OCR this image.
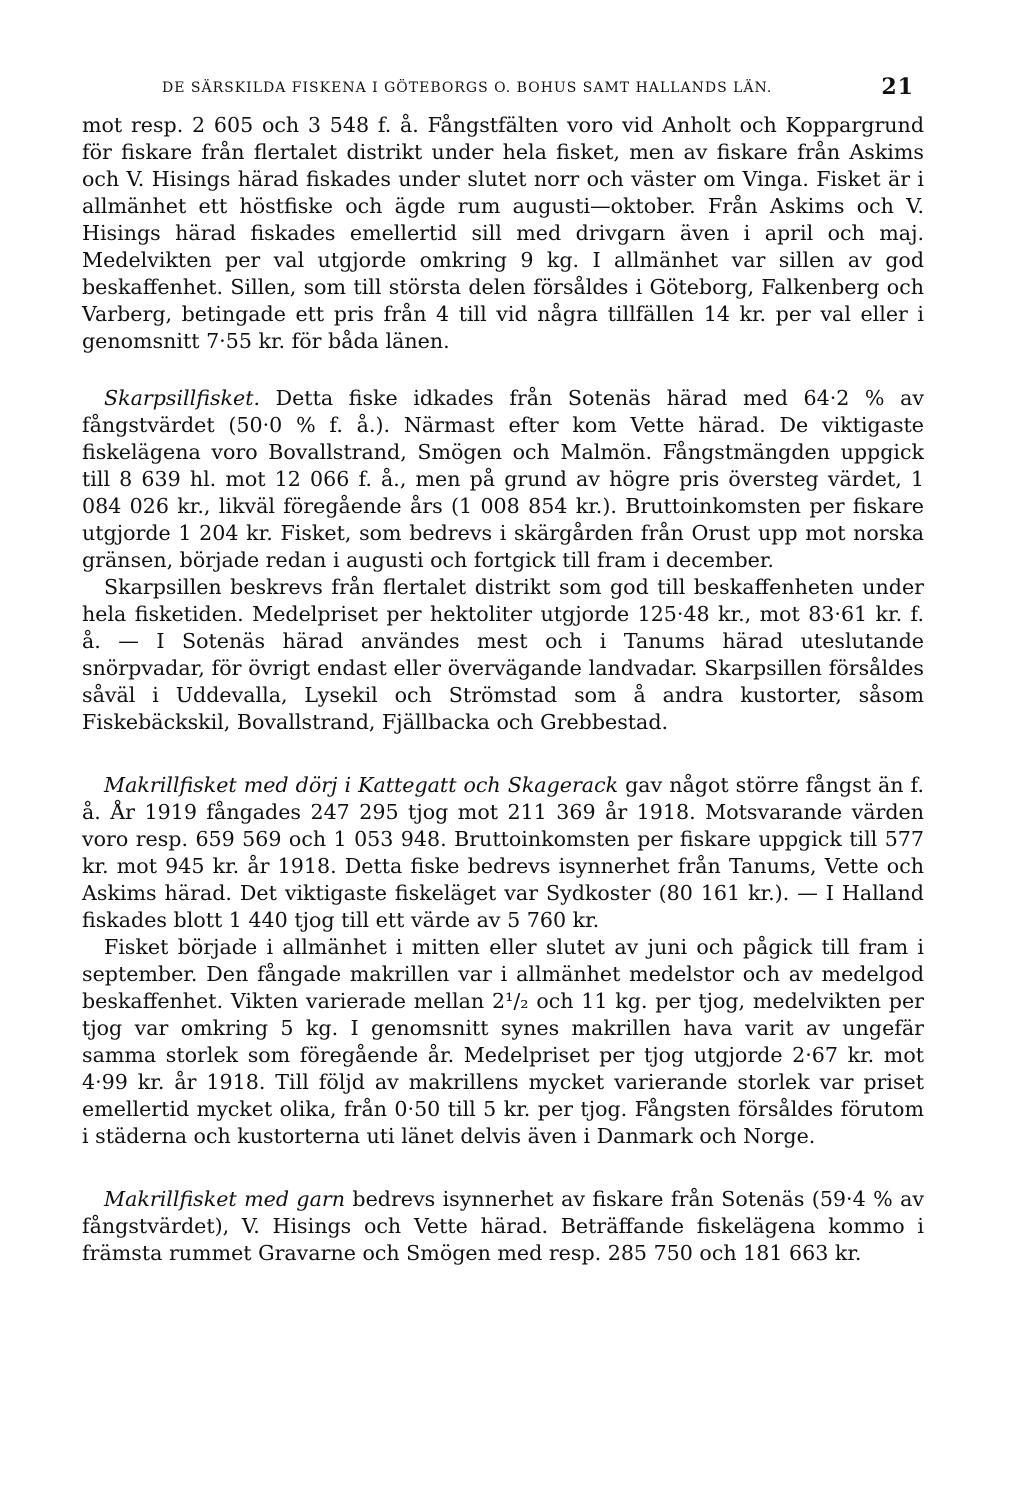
DE SÄRSKILDA FISKENA I GÖTEBORGS O. BOHUS SAMT HALLANDS LÄN.	21

mot resp. 2 605 och 3 548 f. å. Fångstfälten voro vid Anholt och Koppargrund för fiskare från flertalet distrikt under hela fisket, men av fiskare från Askims och V. Hisings härad fiskades under slutet norr och väster om Vinga. Fisket är i allmänhet ett höstfiske och ägde rum augusti—oktober. Från Askims och V. Hisings härad fiskades emellertid sill med drivgarn även i april och maj. Medelvikten per val utgjorde omkring 9 kg. I allmänhet var sillen av god beskaffenhet. Sillen, som till största delen försåldes i Göteborg, Falkenberg och Varberg, betingade ett pris från 4 till vid några tillfällen 14 kr. per val eller i genomsnitt 7·55 kr. för båda länen.

Skarpsillfisket. Detta fiske idkades från Sotenäs härad med 64·2 % av fångstvärdet (50·0 % f. å.). Närmast efter kom Vette härad. De viktigaste fiskelägena voro Bovallstrand, Smögen och Malmön. Fångstmängden uppgick till 8 639 hl. mot 12 066 f. å., men på grund av högre pris översteg värdet, 1 084 026 kr., likväl föregående års (1 008 854 kr.). Bruttoinkomsten per fiskare utgjorde 1 204 kr. Fisket, som bedrevs i skärgården från Orust upp mot norska gränsen, började redan i augusti och fortgick till fram i december.

Skarpsillen beskrevs från flertalet distrikt som god till beskaffenheten under hela fisketiden. Medelpriset per hektoliter utgjorde 125·48 kr., mot 83·61 kr. f. å. — I Sotenäs härad användes mest och i Tanums härad uteslutande snörpvadar, för övrigt endast eller övervägande landvadar. Skarpsillen försåldes såväl i Uddevalla, Lysekil och Strömstad som å andra kustorter, såsom Fiskebäckskil, Bovallstrand, Fjällbacka och Grebbestad.

Makrillfisket med dörj i Kattegatt och Skagerack gav något större fångst än f. å. År 1919 fångades 247 295 tjog mot 211 369 år 1918. Motsvarande värden voro resp. 659 569 och 1 053 948. Bruttoinkomsten per fiskare uppgick till 577 kr. mot 945 kr. år 1918. Detta fiske bedrevs isynnerhet från Tanums, Vette och Askims härad. Det viktigaste fiskeläget var Sydkoster (80 161 kr.). — I Halland fiskades blott 1 440 tjog till ett värde av 5 760 kr.

Fisket började i allmänhet i mitten eller slutet av juni och pågick till fram i september. Den fångade makrillen var i allmänhet medelstor och av medelgod beskaffenhet. Vikten varierade mellan 2¹/₂ och 11 kg. per tjog, medelvikten per tjog var omkring 5 kg. I genomsnitt synes makrillen hava varit av ungefär samma storlek som föregående år. Medelpriset per tjog utgjorde 2·67 kr. mot 4·99 kr. år 1918. Till följd av makrillens mycket varierande storlek var priset emellertid mycket olika, från 0·50 till 5 kr. per tjog. Fångsten försåldes förutom i städerna och kustorterna uti länet delvis även i Danmark och Norge.

Makrillfisket med garn bedrevs isynnerhet av fiskare från Sotenäs (59·4 % av fångstvärdet), V. Hisings och Vette härad. Beträffande fiskelägena kommo i främsta rummet Gravarne och Smögen med resp. 285 750 och 181 663 kr.
